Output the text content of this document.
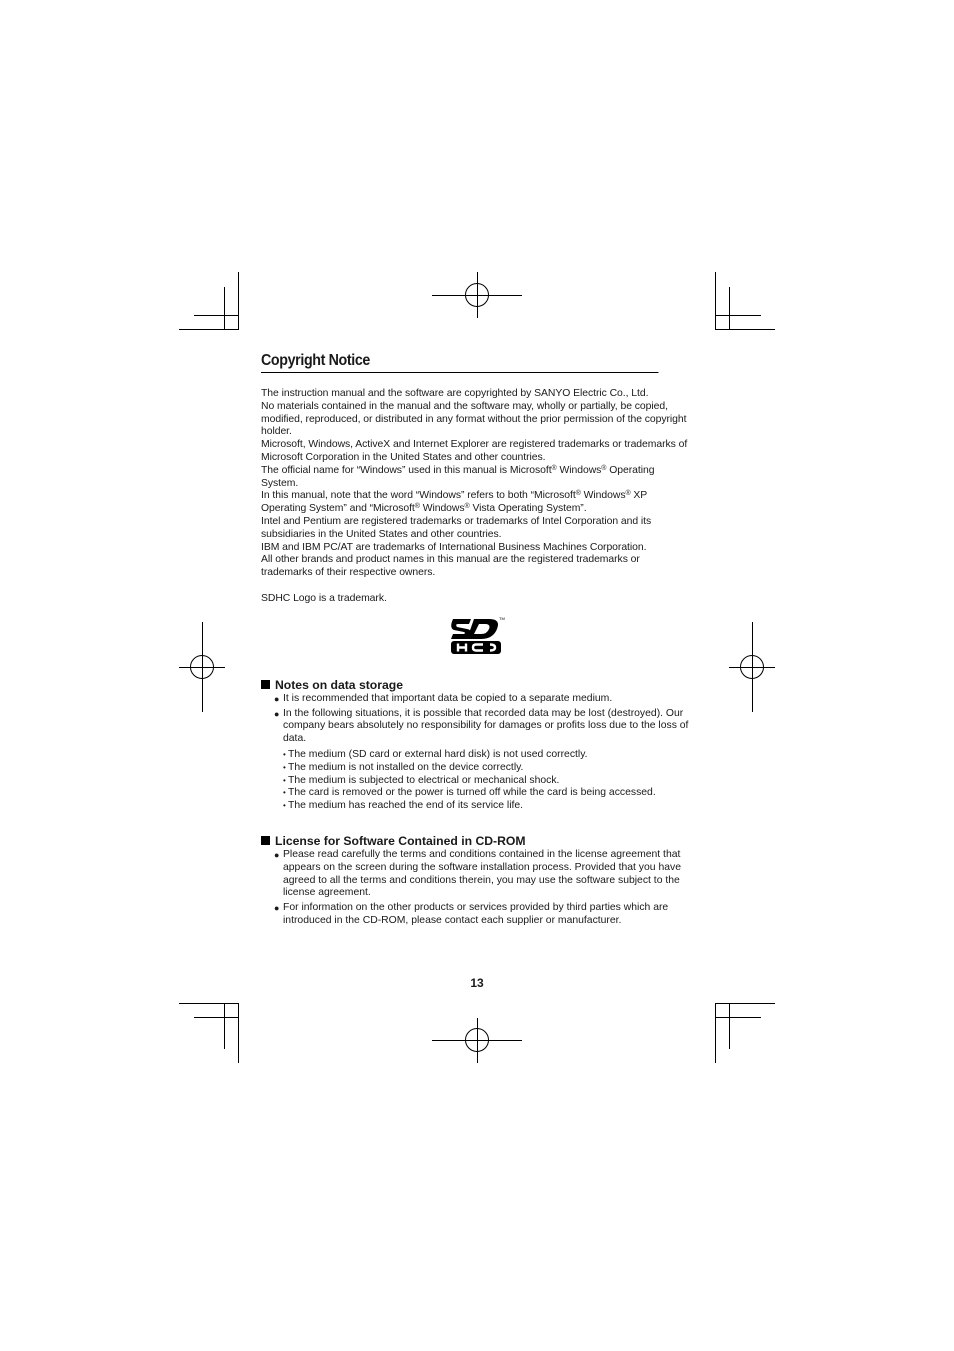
Copyright Notice

The instruction manual and the software are copyrighted by SANYO Electric Co., Ltd.

No materials contained in the manual and the software may, wholly or partially, be copied, modified, reproduced, or distributed in any format without the prior permission of the copyright holder.

Microsoft, Windows, ActiveX and Internet Explorer are registered trademarks or trademarks of Microsoft Corporation in the United States and other countries.

The official name for “Windows” used in this manual is Microsoft® Windows® Operating System.

In this manual, note that the word “Windows” refers to both “Microsoft® Windows® XP Operating System” and “Microsoft® Windows® Vista Operating System”.

Intel and Pentium are registered trademarks or trademarks of Intel Corporation and its subsidiaries in the United States and other countries.

IBM and IBM PC/AT are trademarks of International Business Machines Corporation.

All other brands and product names in this manual are the registered trademarks or trademarks of their respective owners.

SDHC Logo is a trademark.

TM
Notes on data storage
● It is recommended that important data be copied to a separate medium.
● In the following situations, it is possible that recorded data may be lost (destroyed). Our company bears absolutely no responsibility for damages or profits loss due to the loss of data.
• The medium (SD card or external hard disk) is not used correctly.
• The medium is not installed on the device correctly.
• The medium is subjected to electrical or mechanical shock.
• The card is removed or the power is turned off while the card is being accessed.
• The medium has reached the end of its service life.
License for Software Contained in CD-ROM
● Please read carefully the terms and conditions contained in the license agreement that appears on the screen during the software installation process. Provided that you have agreed to all the terms and conditions therein, you may use the software subject to the license agreement.
● For information on the other products or services provided by third parties which are introduced in the CD-ROM, please contact each supplier or manufacturer.
13
